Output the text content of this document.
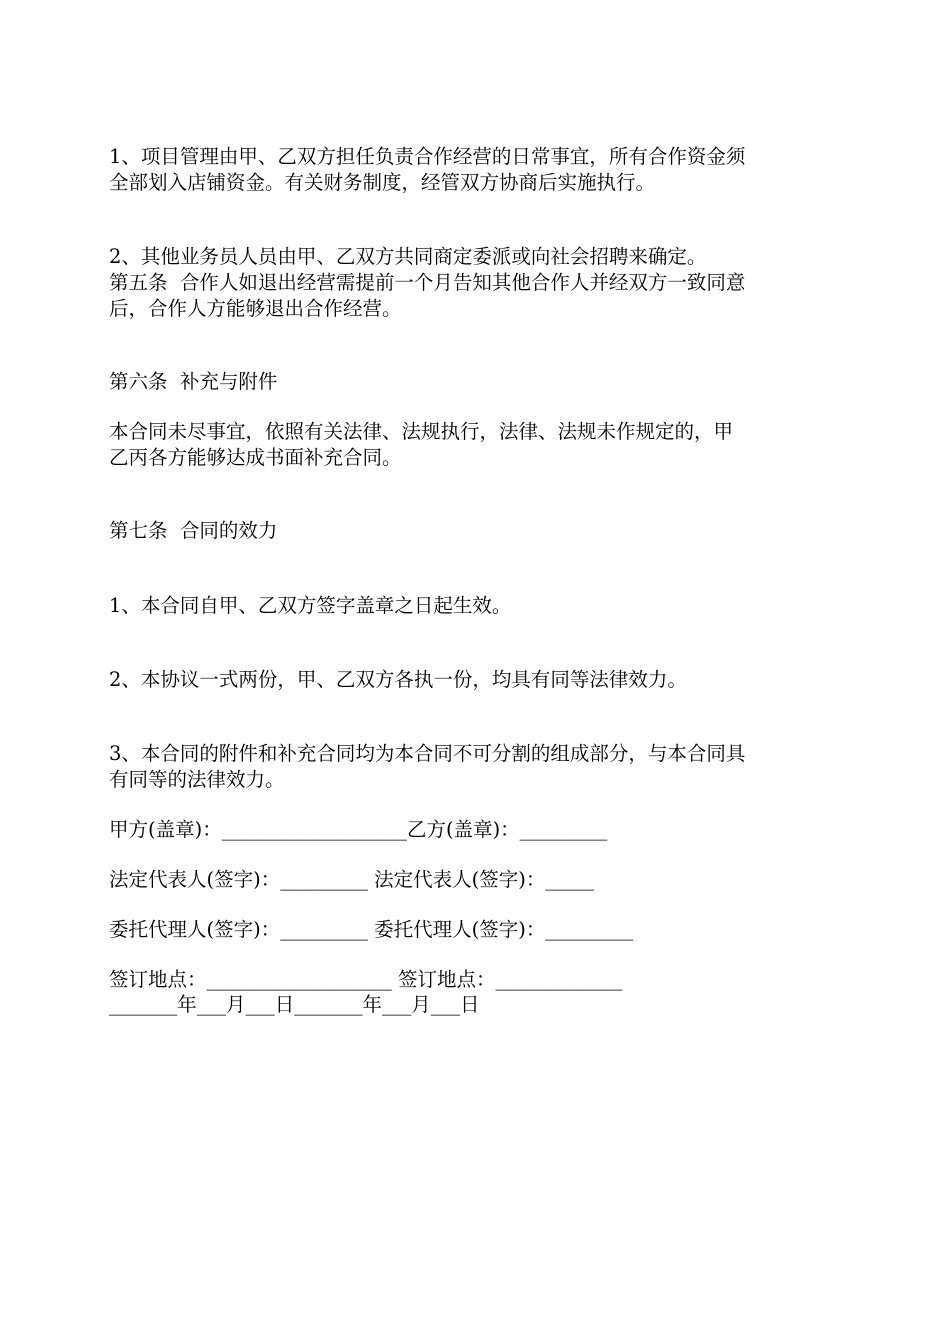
1、项目管理由甲、乙双方担任负责合作经营的日常事宜，所有合作资金须
全部划入店铺资金。有关财务制度，经管双方协商后实施执行。
2、其他业务员人员由甲、乙双方共同商定委派或向社会招聘来确定。
第五条  合作人如退出经营需提前一个月告知其他合作人并经双方一致同意
后，合作人方能够退出合作经营。
第六条  补充与附件
本合同未尽事宜，依照有关法律、法规执行，法律、法规未作规定的，甲
乙丙各方能够达成书面补充合同。
第七条  合同的效力
1、本合同自甲、乙双方签字盖章之日起生效。
2、本协议一式两份，甲、乙双方各执一份，均具有同等法律效力。
3、本合同的附件和补充合同均为本合同不可分割的组成部分，与本合同具
有同等的法律效力。
甲方(盖章)：___________________乙方(盖章)：_________
法定代表人(签字)：_________ 法定代表人(签字)：_____
委托代理人(签字)：_________ 委托代理人(签字)：_________
签订地点：___________________ 签订地点：_____________
_______年___月___日_______年___月___日
